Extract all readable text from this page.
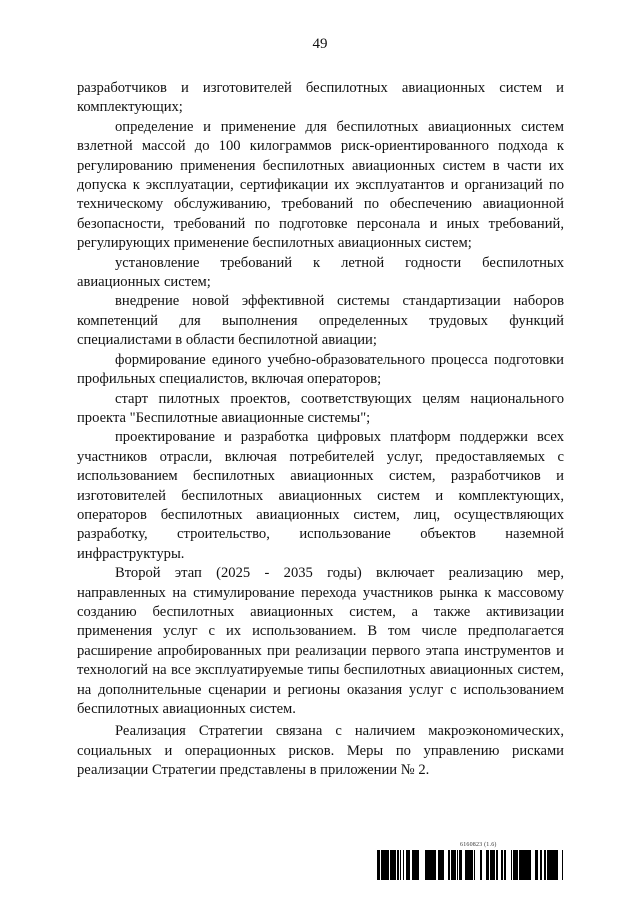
49

разработчиков и изготовителей беспилотных авиационных систем и комплектующих;

определение и применение для беспилотных авиационных систем взлетной массой до 100 килограммов риск-ориентированного подхода к регулированию применения беспилотных авиационных систем в части их допуска к эксплуатации, сертификации их эксплуатантов и организаций по техническому обслуживанию, требований по обеспечению авиационной безопасности, требований по подготовке персонала и иных требований, регулирующих применение беспилотных авиационных систем;

установление требований к летной годности беспилотных авиационных систем;

внедрение новой эффективной системы стандартизации наборов компетенций для выполнения определенных трудовых функций специалистами в области беспилотной авиации;

формирование единого учебно-образовательного процесса подготовки профильных специалистов, включая операторов;

старт пилотных проектов, соответствующих целям национального проекта "Беспилотные авиационные системы";

проектирование и разработка цифровых платформ поддержки всех участников отрасли, включая потребителей услуг, предоставляемых с использованием беспилотных авиационных систем, разработчиков и изготовителей беспилотных авиационных систем и комплектующих, операторов беспилотных авиационных систем, лиц, осуществляющих разработку, строительство, использование объектов наземной инфраструктуры.

Второй этап (2025 - 2035 годы) включает реализацию мер, направленных на стимулирование перехода участников рынка к массовому созданию беспилотных авиационных систем, а также активизации применения услуг с их использованием. В том числе предполагается расширение апробированных при реализации первого этапа инструментов и технологий на все эксплуатируемые типы беспилотных авиационных систем, на дополнительные сценарии и регионы оказания услуг с использованием беспилотных авиационных систем.

Реализация Стратегии связана с наличием макроэкономических, социальных и операционных рисков. Меры по управлению рисками реализации Стратегии представлены в приложении № 2.

6160823 (1.6)
